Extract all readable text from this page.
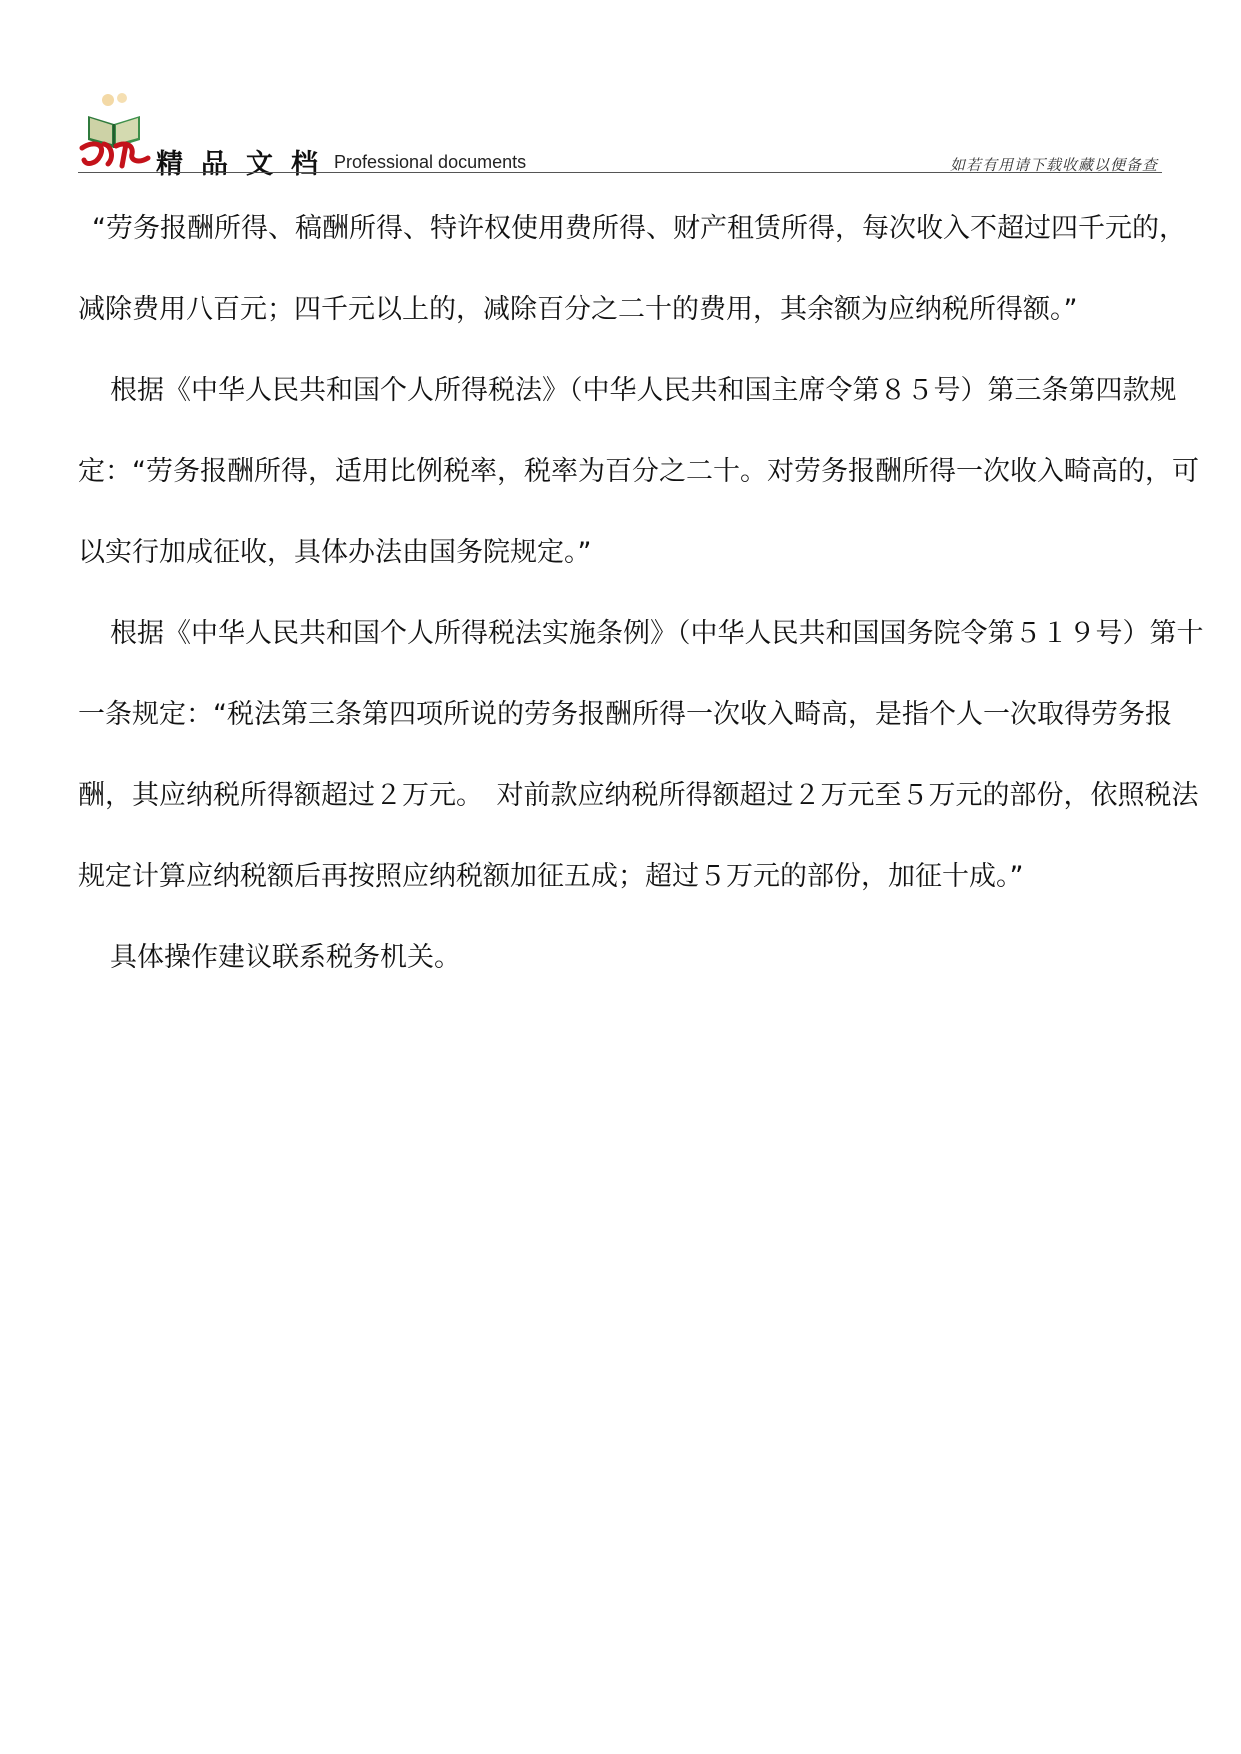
精品文档
Professional documents	如若有用请下载收藏以便备查

“劳务报酬所得、稿酬所得、特许权使用费所得、财产租赁所得，每次收入不超过四千元的，减除费用八百元；四千元以上的，减除百分之二十的费用，其余额为应纳税所得额。”

根据《中华人民共和国个人所得税法》（中华人民共和国主席令第８５号）第三条第四款规定：“劳务报酬所得，适用比例税率，税率为百分之二十。对劳务报酬所得一次收入畸高的，可以实行加成征收，具体办法由国务院规定。”

根据《中华人民共和国个人所得税法实施条例》（中华人民共和国国务院令第５１９号）第十一条规定：“税法第三条第四项所说的劳务报酬所得一次收入畸高，是指个人一次取得劳务报酬，其应纳税所得额超过２万元。　对前款应纳税所得额超过２万元至５万元的部份，依照税法规定计算应纳税额后再按照应纳税额加征五成；超过５万元的部份，加征十成。”

具体操作建议联系税务机关。
